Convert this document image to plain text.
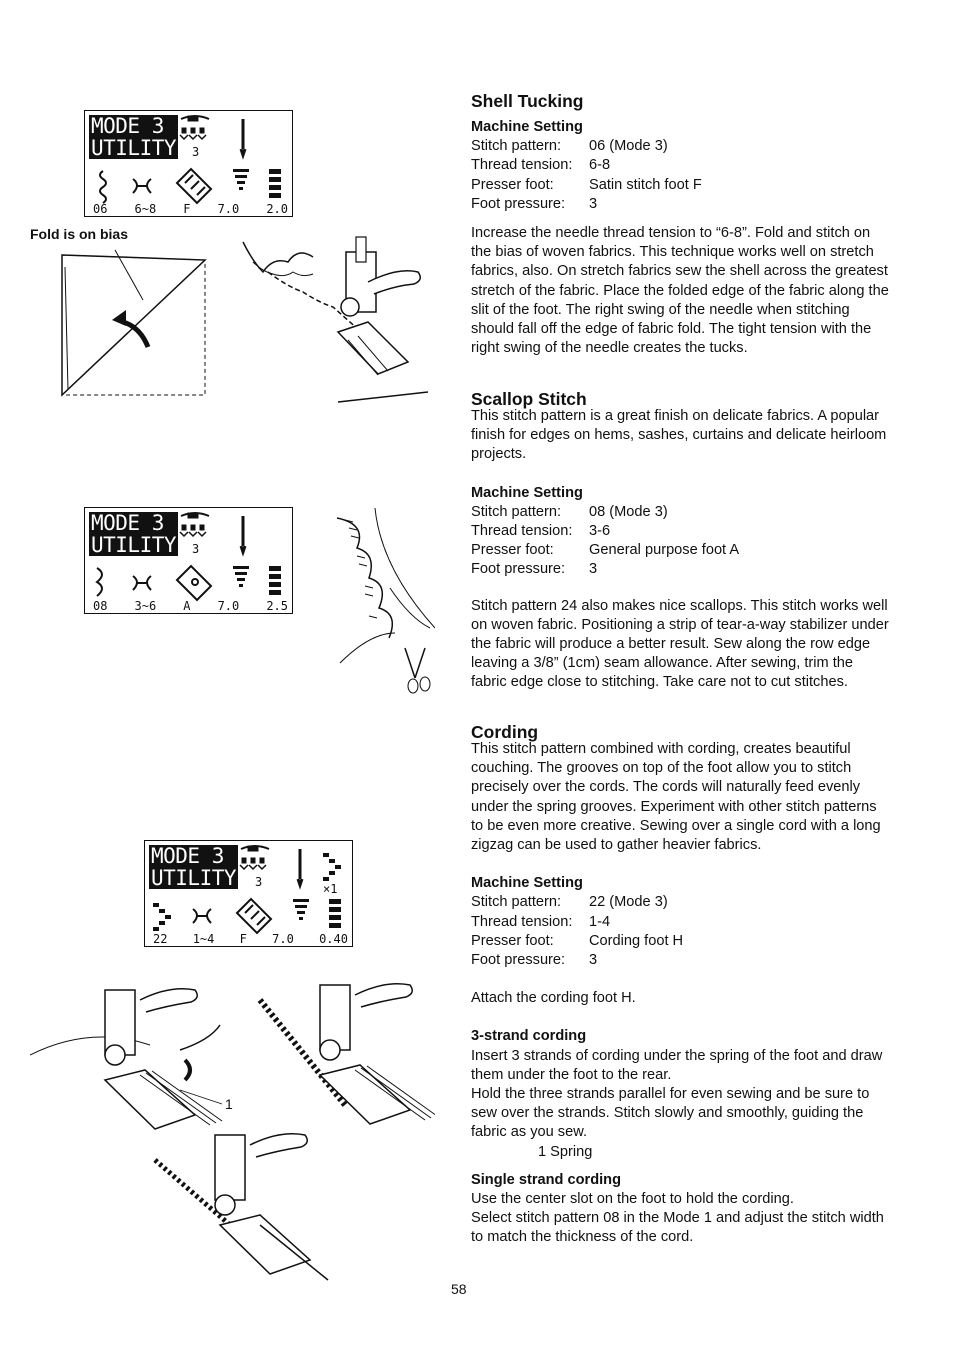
MODE 3
UTILITY 3
06 6~8 F 7.0 2.0
Fold is on bias
MODE 3
UTILITY 3
08 3~6 A 7.0 2.5
MODE 3
UTILITY 3	×1
22 1~4 F 7.0 0.40
1
Shell Tucking
Machine Setting
Stitch pattern:	06 (Mode 3)
Thread tension:	6-8
Presser foot:	Satin stitch foot F
Foot pressure:	3

Increase the needle thread tension to “6-8”. Fold and stitch on the bias of woven fabrics. This technique works well on stretch fabrics, also. On stretch fabrics sew the shell across the greatest stretch of the fabric. Place the folded edge of the fabric along the slit of the foot. The right swing of the needle when stitching should fall off the edge of fabric fold. The tight tension with the right swing of the needle creates the tucks.

Scallop Stitch

This stitch pattern is a great finish on delicate fabrics. A popular finish for edges on hems, sashes, curtains and delicate heirloom projects.

Machine Setting
Stitch pattern:	08 (Mode 3)
Thread tension:	3-6
Presser foot:	General purpose foot A
Foot pressure:	3

Stitch pattern 24 also makes nice scallops. This stitch works well on woven fabric. Positioning a strip of tear-a-way stabilizer under the fabric will produce a better result. Sew along the row edge leaving a 3/8” (1cm) seam allowance. After sewing, trim the fabric edge close to stitching. Take care not to cut stitches.

Cording

This stitch pattern combined with cording, creates beautiful couching. The grooves on top of the foot allow you to stitch precisely over the cords. The cords will naturally feed evenly under the spring grooves. Experiment with other stitch patterns to be even more creative. Sewing over a single cord with a long zigzag can be used to gather heavier fabrics.

Machine Setting
Stitch pattern:	22 (Mode 3)
Thread tension:	1-4
Presser foot:	Cording foot H
Foot pressure:	3

Attach the cording foot H.

3-strand cording

Insert 3 strands of cording under the spring of the foot and draw them under the foot to the rear.

Hold the three strands parallel for even sewing and be sure to sew over the strands. Stitch slowly and smoothly, guiding the fabric as you sew.

1 Spring

Single strand cording

Use the center slot on the foot to hold the cording.

Select stitch pattern 08 in the Mode 1 and adjust the stitch width to match the thickness of the cord.

58
